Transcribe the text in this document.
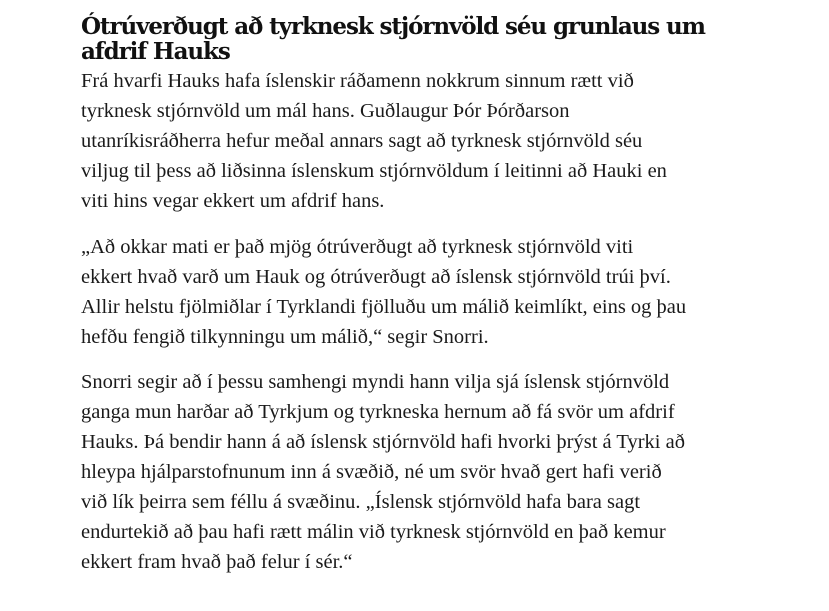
Ótrúverðugt að tyrknesk stjórnvöld séu grunlaus um
afdrif Hauks

Frá hvarfi Hauks hafa íslenskir ráðamenn nokkrum sinnum rætt við
tyrknesk stjórnvöld um mál hans. Guðlaugur Þór Þórðarson
utanríkisráðherra hefur meðal annars sagt að tyrknesk stjórnvöld séu
viljug til þess að liðsinna íslenskum stjórnvöldum í leitinni að Hauki en
viti hins vegar ekkert um afdrif hans.

„Að okkar mati er það mjög ótrúverðugt að tyrknesk stjórnvöld viti
ekkert hvað varð um Hauk og ótrúverðugt að íslensk stjórnvöld trúi því.
Allir helstu fjölmiðlar í Tyrklandi fjölluðu um málið keimlíkt, eins og þau
hefðu fengið tilkynningu um málið,“ segir Snorri.

Snorri segir að í þessu samhengi myndi hann vilja sjá íslensk stjórnvöld
ganga mun harðar að Tyrkjum og tyrkneska hernum að fá svör um afdrif
Hauks. Þá bendir hann á að íslensk stjórnvöld hafi hvorki þrýst á Tyrki að
hleypa hjálparstofnunum inn á svæðið, né um svör hvað gert hafi verið
við lík þeirra sem féllu á svæðinu. „Íslensk stjórnvöld hafa bara sagt
endurtekið að þau hafi rætt málin við tyrknesk stjórnvöld en það kemur
ekkert fram hvað það felur í sér.“
